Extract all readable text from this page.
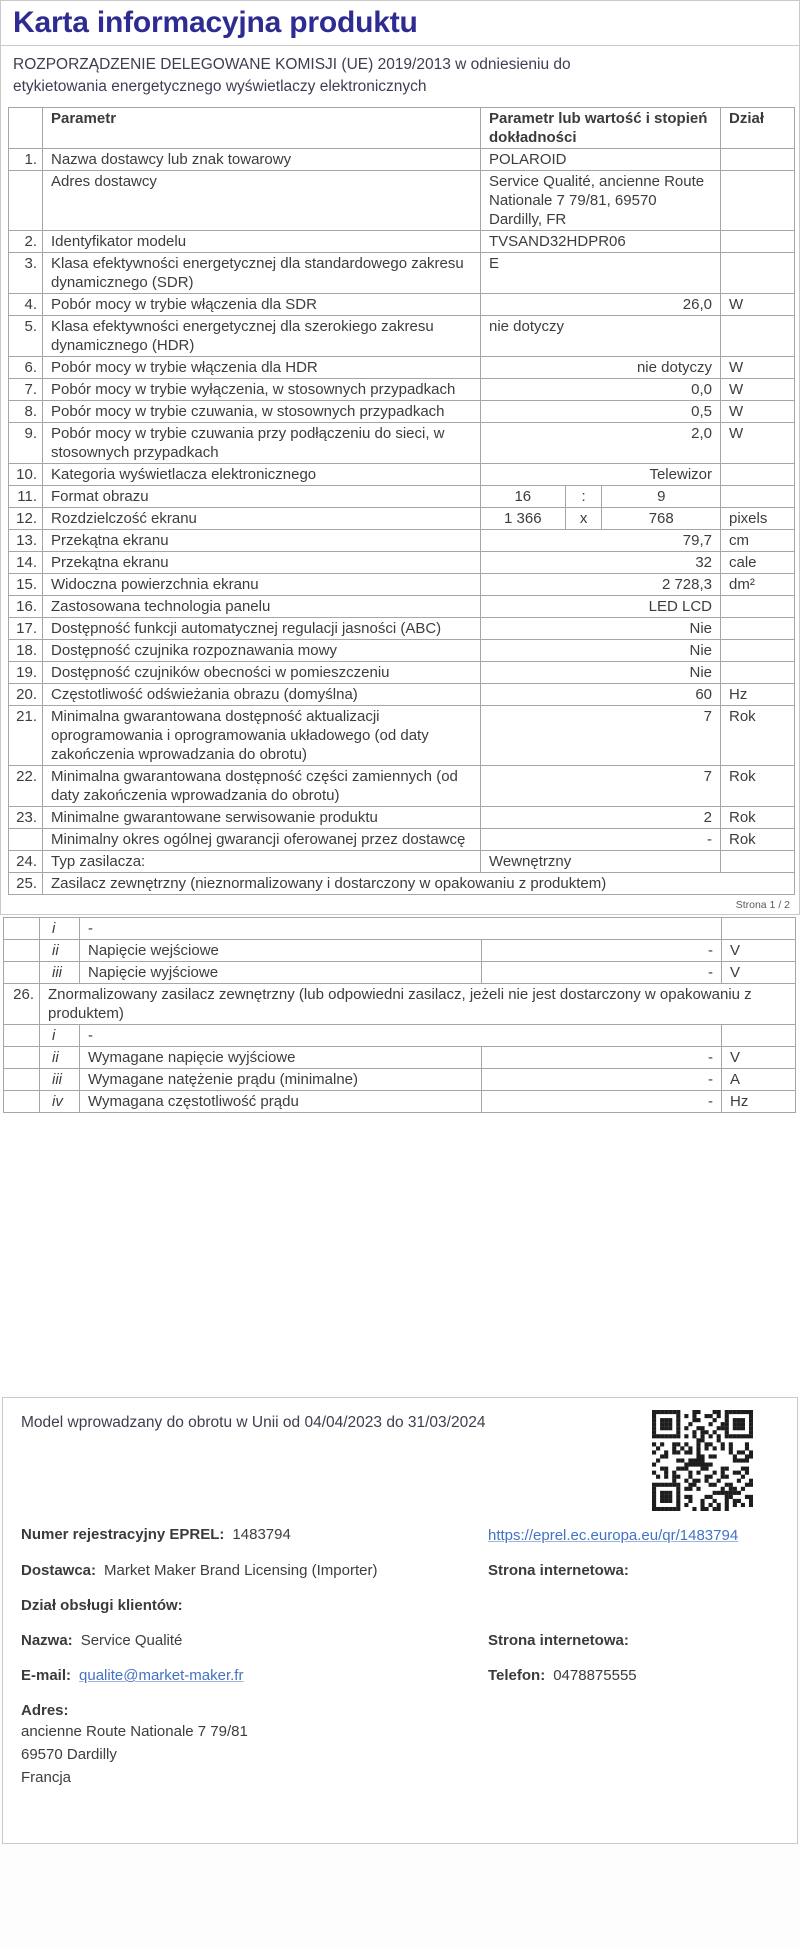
Karta informacyjna produktu
ROZPORZĄDZENIE DELEGOWANE KOMISJI (UE) 2019/2013 w odniesieniu do etykietowania energetycznego wyświetlaczy elektronicznych
	Parametr	Parametr lub wartość i stopień dokładności	Dział
1.	Nazwa dostawcy lub znak towarowy	POLAROID	
	Adres dostawcy	Service Qualité, ancienne Route Nationale 7 79/81, 69570 Dardilly, FR	
2.	Identyfikator modelu	TVSAND32HDPR06	
3.	Klasa efektywności energetycznej dla standardowego zakresu dynamicznego (SDR)	E	
4.	Pobór mocy w trybie włączenia dla SDR	26,0	W
5.	Klasa efektywności energetycznej dla szerokiego zakresu dynamicznego (HDR)	nie dotyczy	
6.	Pobór mocy w trybie włączenia dla HDR	nie dotyczy	W
7.	Pobór mocy w trybie wyłączenia, w stosownych przypadkach	0,0	W
8.	Pobór mocy w trybie czuwania, w stosownych przypadkach	0,5	W
9.	Pobór mocy w trybie czuwania przy podłączeniu do sieci, w stosownych przypadkach	2,0	W
10.	Kategoria wyświetlacza elektronicznego	Telewizor	
11.	Format obrazu	16 : 9	

12.	Rozdzielczość ekranu	1 366 x 768	pixels
13.	Przekątna ekranu	79,7	cm
14.	Przekątna ekranu	32	cale
15.	Widoczna powierzchnia ekranu	2 728,3	dm²
16.	Zastosowana technologia panelu	LED LCD	
17.	Dostępność funkcji automatycznej regulacji jasności (ABC)	Nie	
18.	Dostępność czujnika rozpoznawania mowy	Nie	
19.	Dostępność czujników obecności w pomieszczeniu	Nie	
20.	Częstotliwość odświeżania obrazu (domyślna)	60	Hz
21.	Minimalna gwarantowana dostępność aktualizacji oprogramowania i oprogramowania układowego (od daty zakończenia wprowadzania do obrotu)	7	Rok
22.	Minimalna gwarantowana dostępność części zamiennych (od daty zakończenia wprowadzania do obrotu)	7	Rok
23.	Minimalne gwarantowane serwisowanie produktu	2	Rok
	Minimalny okres ogólnej gwarancji oferowanej przez dostawcę	-	Rok
24.	Typ zasilacza:	Wewnętrzny	
25.	Zasilacz zewnętrzny (nieznormalizowany i dostarczony w opakowaniu z produktem)		
Strona 1 / 2
	i	-		
	ii	Napięcie wejściowe	-	V
	iii	Napięcie wyjściowe	-	V
26.	Znormalizowany zasilacz zewnętrzny (lub odpowiedni zasilacz, jeżeli nie jest dostarczony w opakowaniu z produktem)			
	i	-		
	ii	Wymagane napięcie wyjściowe	-	V
	iii	Wymagane natężenie prądu (minimalne)	-	A
	iv	Wymagana częstotliwość prądu	-	Hz
Model wprowadzany do obrotu w Unii od 04/04/2023 do 31/03/2024
Numer rejestracyjny EPREL: 1483794	https://eprel.ec.europa.eu/qr/1483794
Dostawca: Market Maker Brand Licensing (Importer)	Strona internetowa:
Dział obsługi klientów:
Nazwa: Service Qualité	Strona internetowa:
E-mail: qualite@market-maker.fr	Telefon: 0478875555
Adres:
ancienne Route Nationale 7 79/81
69570 Dardilly
Francja
